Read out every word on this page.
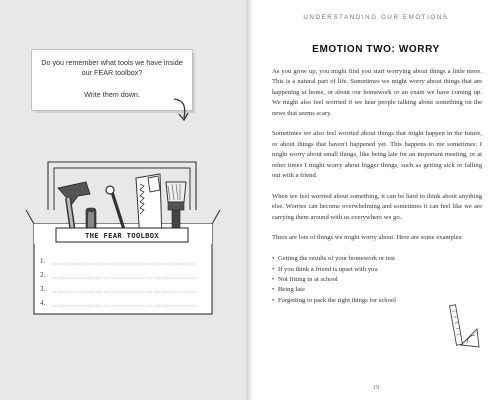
Do you remember what tools we have inside our FEAR toolbox?
Write them down.
THE FEAR TOOLBOX
1.
2.
3.
4.
UNDERSTANDING OUR EMOTIONS
EMOTION TWO: WORRY

As you grow up, you might find you start worrying about things a little more. This is a natural part of life. Sometimes we might worry about things that are happening at home, or about our homework or an exam we have coming up. We might also feel worried if we hear people talking about something on the news that seems scary.

Sometimes we also feel worried about things that might happen in the future, or about things that haven't happened yet. This happens to me sometimes: I might worry about small things, like being late for an important meeting, or at other times I might worry about bigger things, such as getting sick or falling out with a friend.

When we feel worried about something, it can be hard to think about anything else. Worries can become overwhelming and sometimes it can feel like we are carrying them around with us everywhere we go.

There are lots of things we might worry about. Here are some examples:

• Getting the results of your homework or test
• If you think a friend is upset with you
• Not fitting in at school
• Being late
• Forgetting to pack the right things for school
19
